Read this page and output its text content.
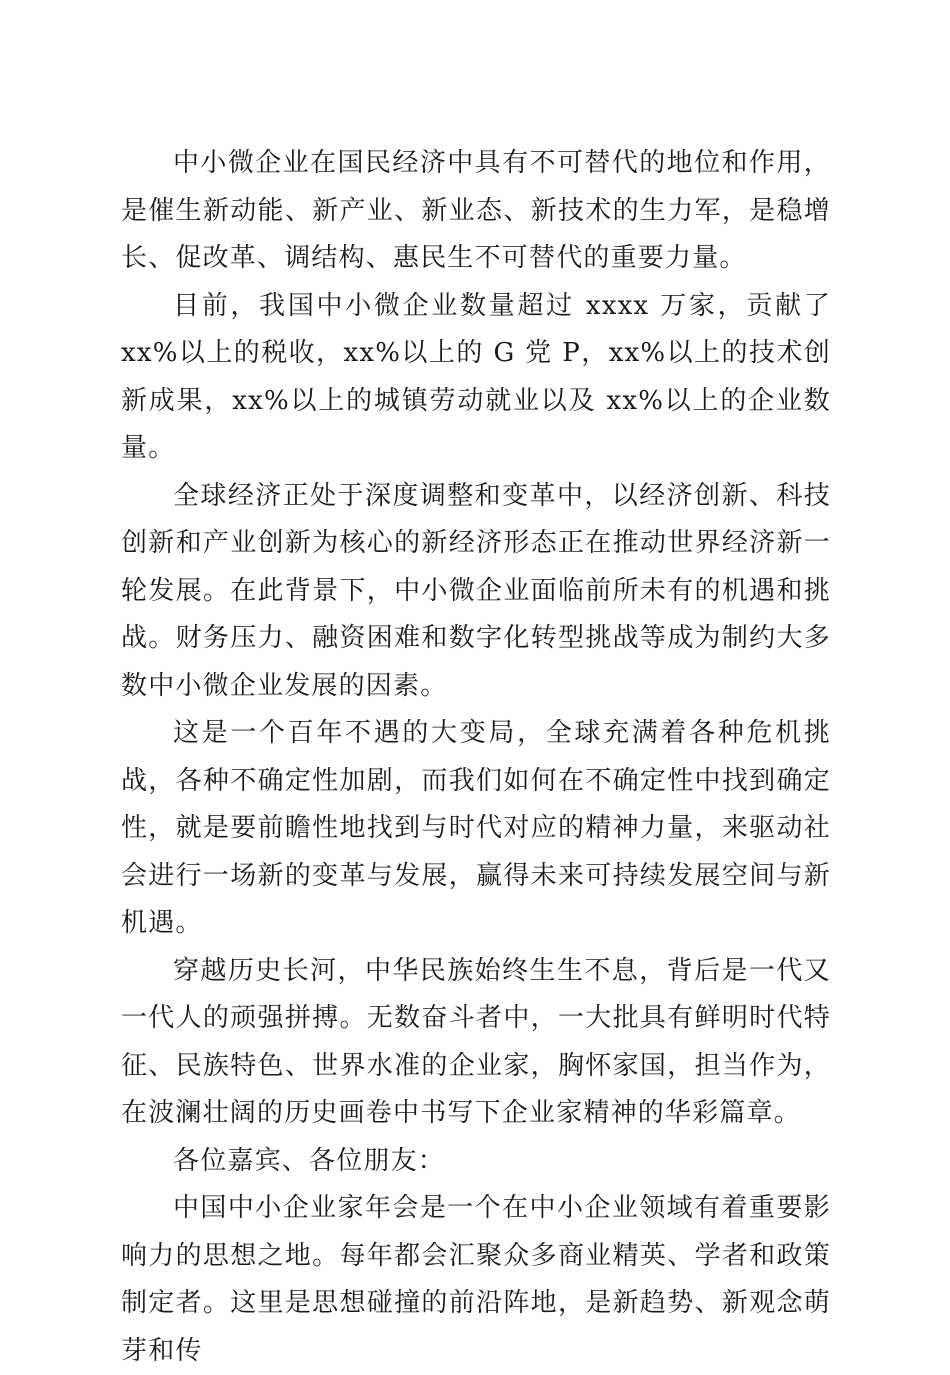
中小微企业在国民经济中具有不可替代的地位和作用，是催生新动能、新产业、新业态、新技术的生力军，是稳增长、促改革、调结构、惠民生不可替代的重要力量。

目前，我国中小微企业数量超过 xxxx 万家，贡献了 xx%以上的税收，xx%以上的 G 党 P，xx%以上的技术创新成果，xx%以上的城镇劳动就业以及 xx%以上的企业数量。

全球经济正处于深度调整和变革中，以经济创新、科技创新和产业创新为核心的新经济形态正在推动世界经济新一轮发展。在此背景下，中小微企业面临前所未有的机遇和挑战。财务压力、融资困难和数字化转型挑战等成为制约大多数中小微企业发展的因素。

这是一个百年不遇的大变局，全球充满着各种危机挑战，各种不确定性加剧，而我们如何在不确定性中找到确定性，就是要前瞻性地找到与时代对应的精神力量，来驱动社会进行一场新的变革与发展，赢得未来可持续发展空间与新机遇。

穿越历史长河，中华民族始终生生不息，背后是一代又一代人的顽强拼搏。无数奋斗者中，一大批具有鲜明时代特征、民族特色、世界水准的企业家，胸怀家国，担当作为，在波澜壮阔的历史画卷中书写下企业家精神的华彩篇章。

各位嘉宾、各位朋友：

中国中小企业家年会是一个在中小企业领域有着重要影响力的思想之地。每年都会汇聚众多商业精英、学者和政策制定者。这里是思想碰撞的前沿阵地，是新趋势、新观念萌芽和传
